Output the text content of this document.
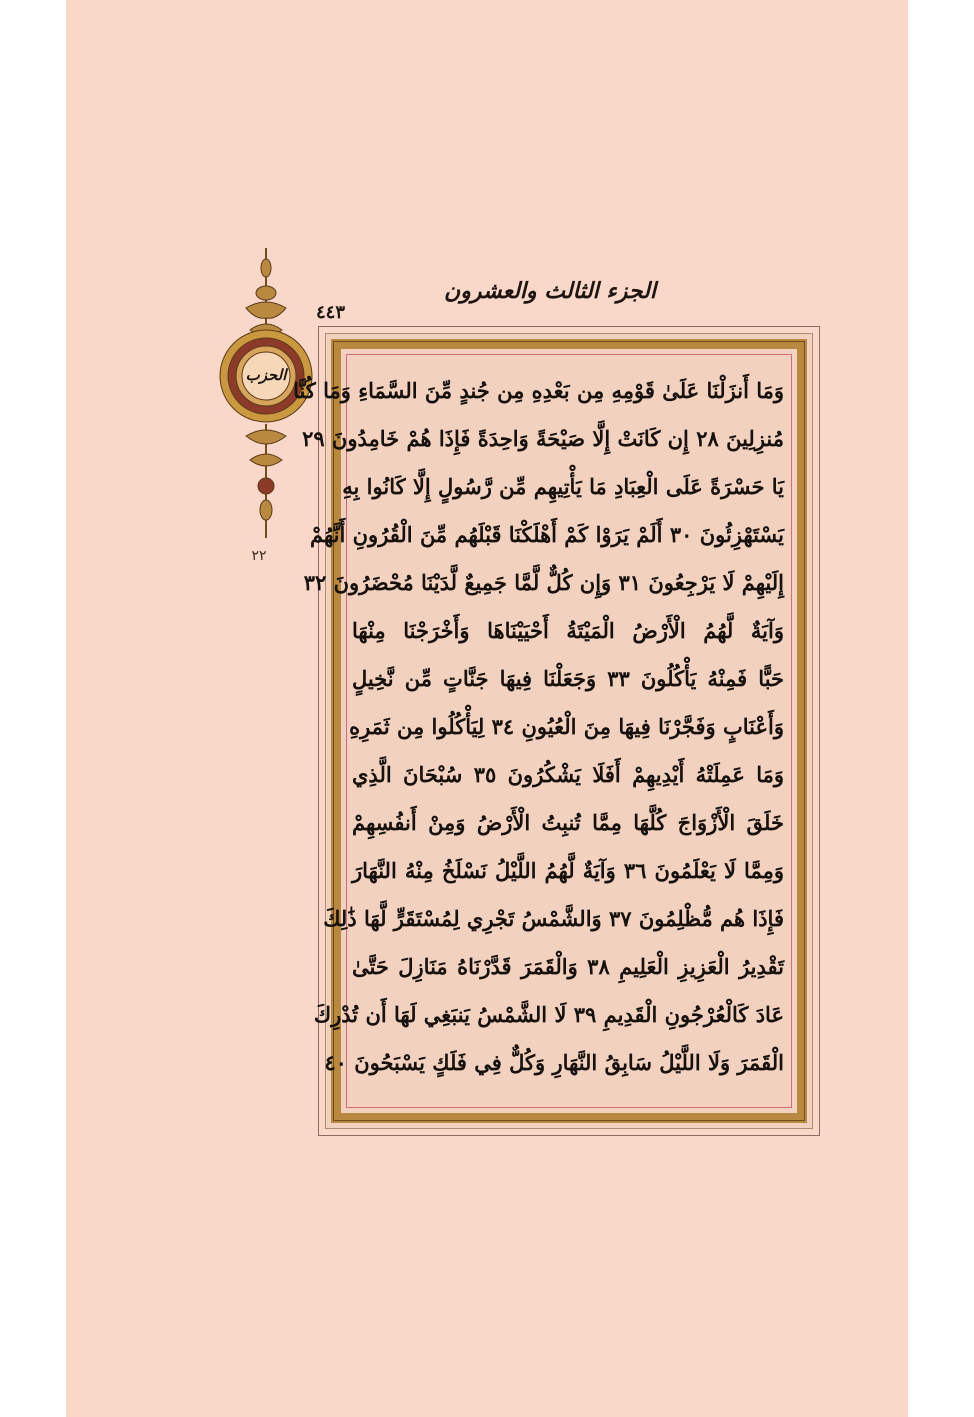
الجزء الثالث والعشرون
٤٤٣
الحزب
٢٢
وَمَا أَنزَلْنَا عَلَىٰ قَوْمِهِ مِن بَعْدِهِ مِن جُندٍ مِّنَ السَّمَاءِ وَمَا كُنَّا
مُنزِلِينَ ٢٨ إِن كَانَتْ إِلَّا صَيْحَةً وَاحِدَةً فَإِذَا هُمْ خَامِدُونَ ٢٩
يَا حَسْرَةً عَلَى الْعِبَادِ مَا يَأْتِيهِم مِّن رَّسُولٍ إِلَّا كَانُوا بِهِ
يَسْتَهْزِئُونَ ٣٠ أَلَمْ يَرَوْا كَمْ أَهْلَكْنَا قَبْلَهُم مِّنَ الْقُرُونِ أَنَّهُمْ
إِلَيْهِمْ لَا يَرْجِعُونَ ٣١ وَإِن كُلٌّ لَّمَّا جَمِيعٌ لَّدَيْنَا مُحْضَرُونَ ٣٢
وَآيَةٌ لَّهُمُ الْأَرْضُ الْمَيْتَةُ أَحْيَيْنَاهَا وَأَخْرَجْنَا مِنْهَا
حَبًّا فَمِنْهُ يَأْكُلُونَ ٣٣ وَجَعَلْنَا فِيهَا جَنَّاتٍ مِّن نَّخِيلٍ
وَأَعْنَابٍ وَفَجَّرْنَا فِيهَا مِنَ الْعُيُونِ ٣٤ لِيَأْكُلُوا مِن ثَمَرِهِ
وَمَا عَمِلَتْهُ أَيْدِيهِمْ أَفَلَا يَشْكُرُونَ ٣٥ سُبْحَانَ الَّذِي
خَلَقَ الْأَزْوَاجَ كُلَّهَا مِمَّا تُنبِتُ الْأَرْضُ وَمِنْ أَنفُسِهِمْ
وَمِمَّا لَا يَعْلَمُونَ ٣٦ وَآيَةٌ لَّهُمُ اللَّيْلُ نَسْلَخُ مِنْهُ النَّهَارَ
فَإِذَا هُم مُّظْلِمُونَ ٣٧ وَالشَّمْسُ تَجْرِي لِمُسْتَقَرٍّ لَّهَا ذَٰلِكَ
تَقْدِيرُ الْعَزِيزِ الْعَلِيمِ ٣٨ وَالْقَمَرَ قَدَّرْنَاهُ مَنَازِلَ حَتَّىٰ
عَادَ كَالْعُرْجُونِ الْقَدِيمِ ٣٩ لَا الشَّمْسُ يَنبَغِي لَهَا أَن تُدْرِكَ
الْقَمَرَ وَلَا اللَّيْلُ سَابِقُ النَّهَارِ وَكُلٌّ فِي فَلَكٍ يَسْبَحُونَ ٤٠
